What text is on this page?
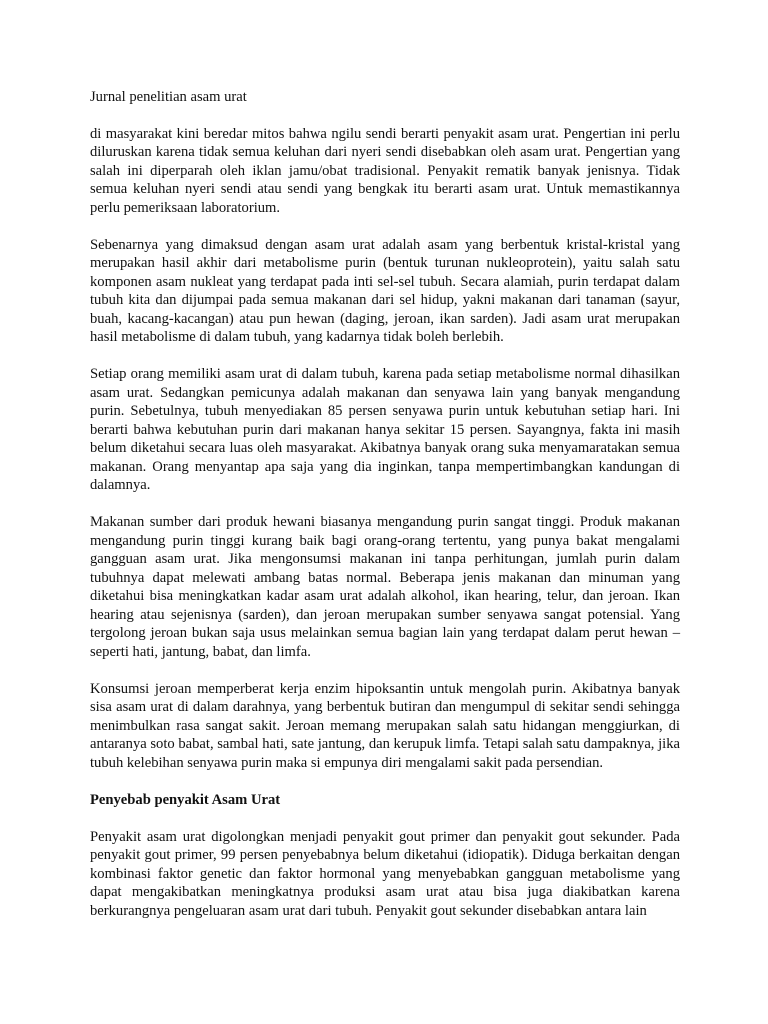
Jurnal penelitian asam urat

di masyarakat kini beredar mitos bahwa ngilu sendi berarti penyakit asam urat. Pengertian ini perlu diluruskan karena tidak semua keluhan dari nyeri sendi disebabkan oleh asam urat. Pengertian yang salah ini diperparah oleh iklan jamu/obat tradisional. Penyakit rematik banyak jenisnya. Tidak semua keluhan nyeri sendi atau sendi yang bengkak itu berarti asam urat. Untuk memastikannya perlu pemeriksaan laboratorium.

Sebenarnya yang dimaksud dengan asam urat adalah asam yang berbentuk kristal-kristal yang merupakan hasil akhir dari metabolisme purin (bentuk turunan nukleoprotein), yaitu salah satu komponen asam nukleat yang terdapat pada inti sel-sel tubuh. Secara alamiah, purin terdapat dalam tubuh kita dan dijumpai pada semua makanan dari sel hidup, yakni makanan dari tanaman (sayur, buah, kacang-kacangan) atau pun hewan (daging, jeroan, ikan sarden). Jadi asam urat merupakan hasil metabolisme di dalam tubuh, yang kadarnya tidak boleh berlebih.

Setiap orang memiliki asam urat di dalam tubuh, karena pada setiap metabolisme normal dihasilkan asam urat. Sedangkan pemicunya adalah makanan dan senyawa lain yang banyak mengandung purin. Sebetulnya, tubuh menyediakan 85 persen senyawa purin untuk kebutuhan setiap hari. Ini berarti bahwa kebutuhan purin dari makanan hanya sekitar 15 persen. Sayangnya, fakta ini masih belum diketahui secara luas oleh masyarakat. Akibatnya banyak orang suka menyamaratakan semua makanan. Orang menyantap apa saja yang dia inginkan, tanpa mempertimbangkan kandungan di dalamnya.

Makanan sumber dari produk hewani biasanya mengandung purin sangat tinggi. Produk makanan mengandung purin tinggi kurang baik bagi orang-orang tertentu, yang punya bakat mengalami gangguan asam urat. Jika mengonsumsi makanan ini tanpa perhitungan, jumlah purin dalam tubuhnya dapat melewati ambang batas normal. Beberapa jenis makanan dan minuman yang diketahui bisa meningkatkan kadar asam urat adalah alkohol, ikan hearing, telur, dan jeroan. Ikan hearing atau sejenisnya (sarden), dan jeroan merupakan sumber senyawa sangat potensial. Yang tergolong jeroan bukan saja usus melainkan semua bagian lain yang terdapat dalam perut hewan –seperti hati, jantung, babat, dan limfa.

Konsumsi jeroan memperberat kerja enzim hipoksantin untuk mengolah purin. Akibatnya banyak sisa asam urat di dalam darahnya, yang berbentuk butiran dan mengumpul di sekitar sendi sehingga menimbulkan rasa sangat sakit. Jeroan memang merupakan salah satu hidangan menggiurkan, di antaranya soto babat, sambal hati, sate jantung, dan kerupuk limfa. Tetapi salah satu dampaknya, jika tubuh kelebihan senyawa purin maka si empunya diri mengalami sakit pada persendian.

Penyebab penyakit Asam Urat

Penyakit asam urat digolongkan menjadi penyakit gout primer dan penyakit gout sekunder. Pada penyakit gout primer, 99 persen penyebabnya belum diketahui (idiopatik). Diduga berkaitan dengan kombinasi faktor genetic dan faktor hormonal yang menyebabkan gangguan metabolisme yang dapat mengakibatkan meningkatnya produksi asam urat atau bisa juga diakibatkan karena berkurangnya pengeluaran asam urat dari tubuh. Penyakit gout sekunder disebabkan antara lain
